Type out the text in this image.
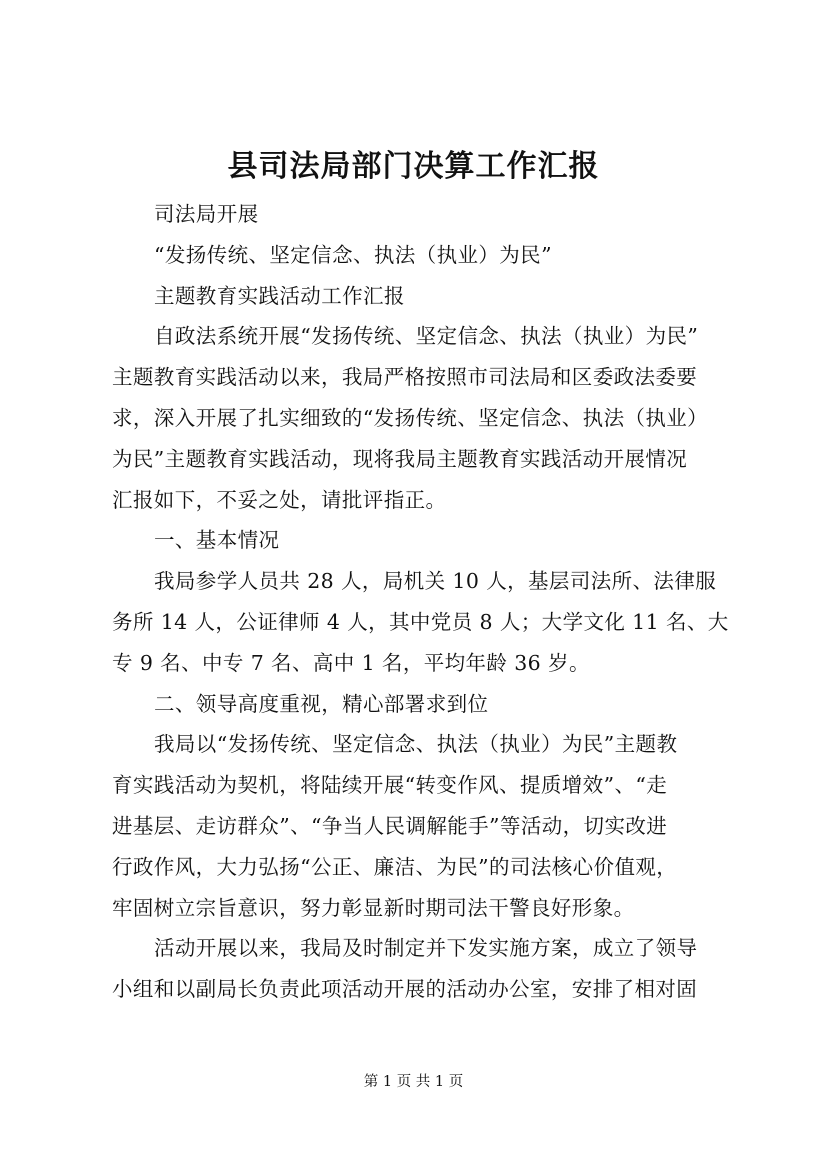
县司法局部门决算工作汇报
司法局开展
“发扬传统、坚定信念、执法（执业）为民”
主题教育实践活动工作汇报
自政法系统开展“发扬传统、坚定信念、执法（执业）为民”
主题教育实践活动以来，我局严格按照市司法局和区委政法委要
求，深入开展了扎实细致的“发扬传统、坚定信念、执法（执业）
为民”主题教育实践活动，现将我局主题教育实践活动开展情况
汇报如下，不妥之处，请批评指正。
一、基本情况
我局参学人员共 28 人，局机关 10 人，基层司法所、法律服
务所 14 人，公证律师 4 人，其中党员 8 人；大学文化 11 名、大
专 9 名、中专 7 名、高中 1 名，平均年龄 36 岁。
二、领导高度重视，精心部署求到位
我局以“发扬传统、坚定信念、执法（执业）为民”主题教
育实践活动为契机，将陆续开展“转变作风、提质增效”、“走
进基层、走访群众”、“争当人民调解能手”等活动，切实改进
行政作风，大力弘扬“公正、廉洁、为民”的司法核心价值观，
牢固树立宗旨意识，努力彰显新时期司法干警良好形象。
活动开展以来，我局及时制定并下发实施方案，成立了领导
小组和以副局长负责此项活动开展的活动办公室，安排了相对固
第 1 页 共 1 页
